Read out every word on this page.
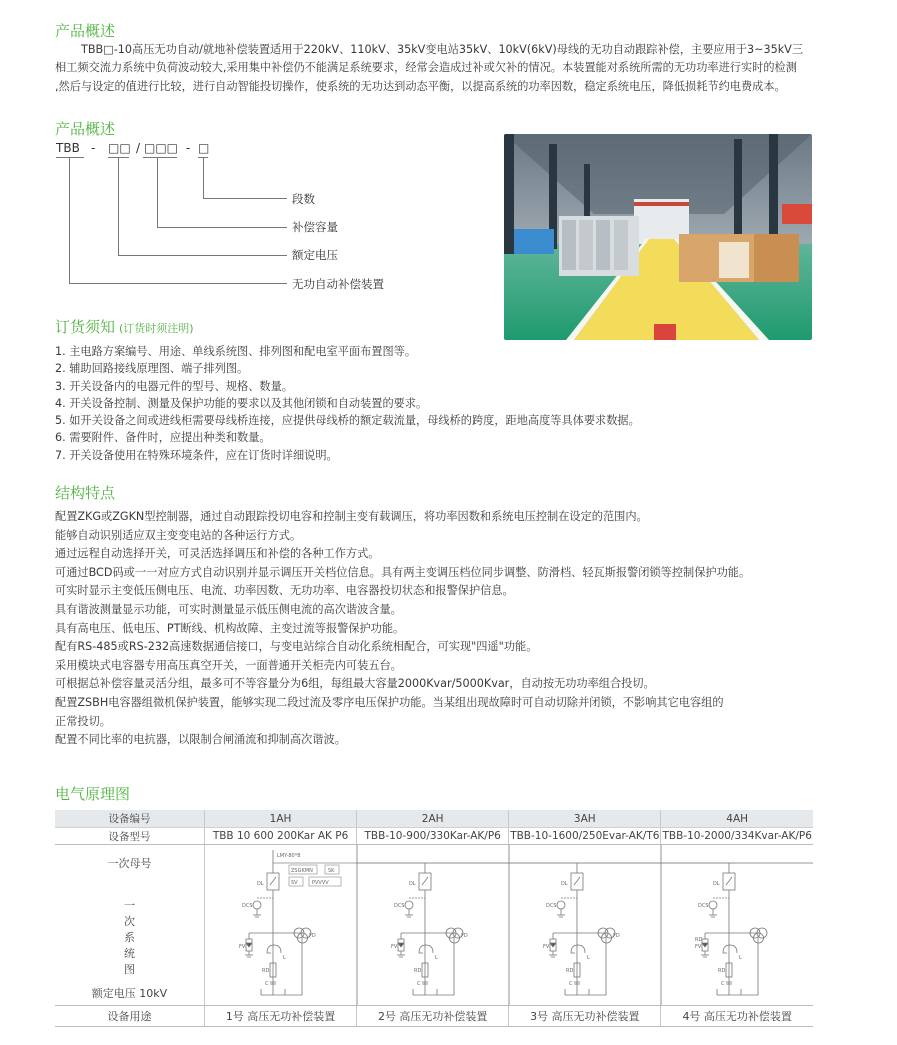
产品概述
TBB□-10高压无功自动/就地补偿装置适用于220kV、110kV、35kV变电站35kV、10kV(6kV)母线的无功自动跟踪补偿，主要应用于3~35kV三
相工频交流力系统中负荷波动较大,采用集中补偿仍不能满足系统要求，经常会造成过补或欠补的情况。本装置能对系统所需的无功功率进行实时的检测
,然后与设定的值进行比较，进行自动智能投切操作，使系统的无功达到动态平衡，以提高系统的功率因数，稳定系统电压，降低损耗节约电费成本。
产品概述
TBB - □□ / □□□ - □
段数
补偿容量
额定电压
无功自动补偿装置
订货须知 (订货时须注明)
1. 主电路方案编号、用途、单线系统图、排列图和配电室平面布置图等。
2. 辅助回路接线原理图、端子排列图。
3. 开关设备内的电器元件的型号、规格、数量。
4. 开关设备控制、测量及保护功能的要求以及其他闭锁和自动装置的要求。
5. 如开关设备之间或进线柜需要母线桥连接，应提供母线桥的额定载流量，母线桥的跨度，距地高度等具体要求数据。
6. 需要附件、备件时，应提出种类和数量。
7. 开关设备使用在特殊环境条件，应在订货时详细说明。
结构特点
配置ZKG或ZGKN型控制器，通过自动跟踪投切电容和控制主变有载调压，将功率因数和系统电压控制在设定的范围内。
能够自动识别适应双主变变电站的各种运行方式。
通过远程自动选择开关，可灵活选择调压和补偿的各种工作方式。
可通过BCD码或一一对应方式自动识别并显示调压开关档位信息。具有两主变调压档位同步调整、防滑档、轻瓦斯报警闭锁等控制保护功能。
可实时显示主变低压侧电压、电流、功率因数、无功功率、电容器投切状态和报警保护信息。
具有谐波测量显示功能，可实时测量显示低压侧电流的高次谐波含量。
具有高电压、低电压、PT断线、机构故障、主变过流等报警保护功能。
配有RS-485或RS-232高速数据通信接口，与变电站综合自动化系统相配合，可实现"四遥"功能。
采用模块式电容器专用高压真空开关，一面普通开关柜壳内可装五台。
可根据总补偿容量灵活分组，最多可不等容量分为6组，每组最大容量2000Kvar/5000Kvar，自动按无功功率组合投切。
配置ZSBH电容器组微机保护装置，能够实现二段过流及零序电压保护功能。当某组出现故障时可自动切除并闭锁，不影响其它电容组的
正常投切。
配置不同比率的电抗器，以限制合闸涌流和抑制高次谐波。
电气原理图
设备编号	1AH	2AH	3AH	4AH
设备型号	TBB 10 600 200Kar AK P6	TBB-10-900/330Kar-AK/P6	TBB-10-1600/250Evar-AK/T6	TBB-10-2000/334Kvar-AK/P6

一次母号
一次系统图
额定电压 10kV

LMY-80*8
ZSGKMN	SK
SV	PVVVV
DL
DCS
FV
FD
L
RD
C
DL
DCS
FV
FD
L
RD
C
DL
DCS
FV
FD
L
RD
C
DL
DCS
RD
FV
L
RD
C

设备用途	1号 高压无功补偿装置	2号 高压无功补偿装置	3号 高压无功补偿装置	4号 高压无功补偿装置
